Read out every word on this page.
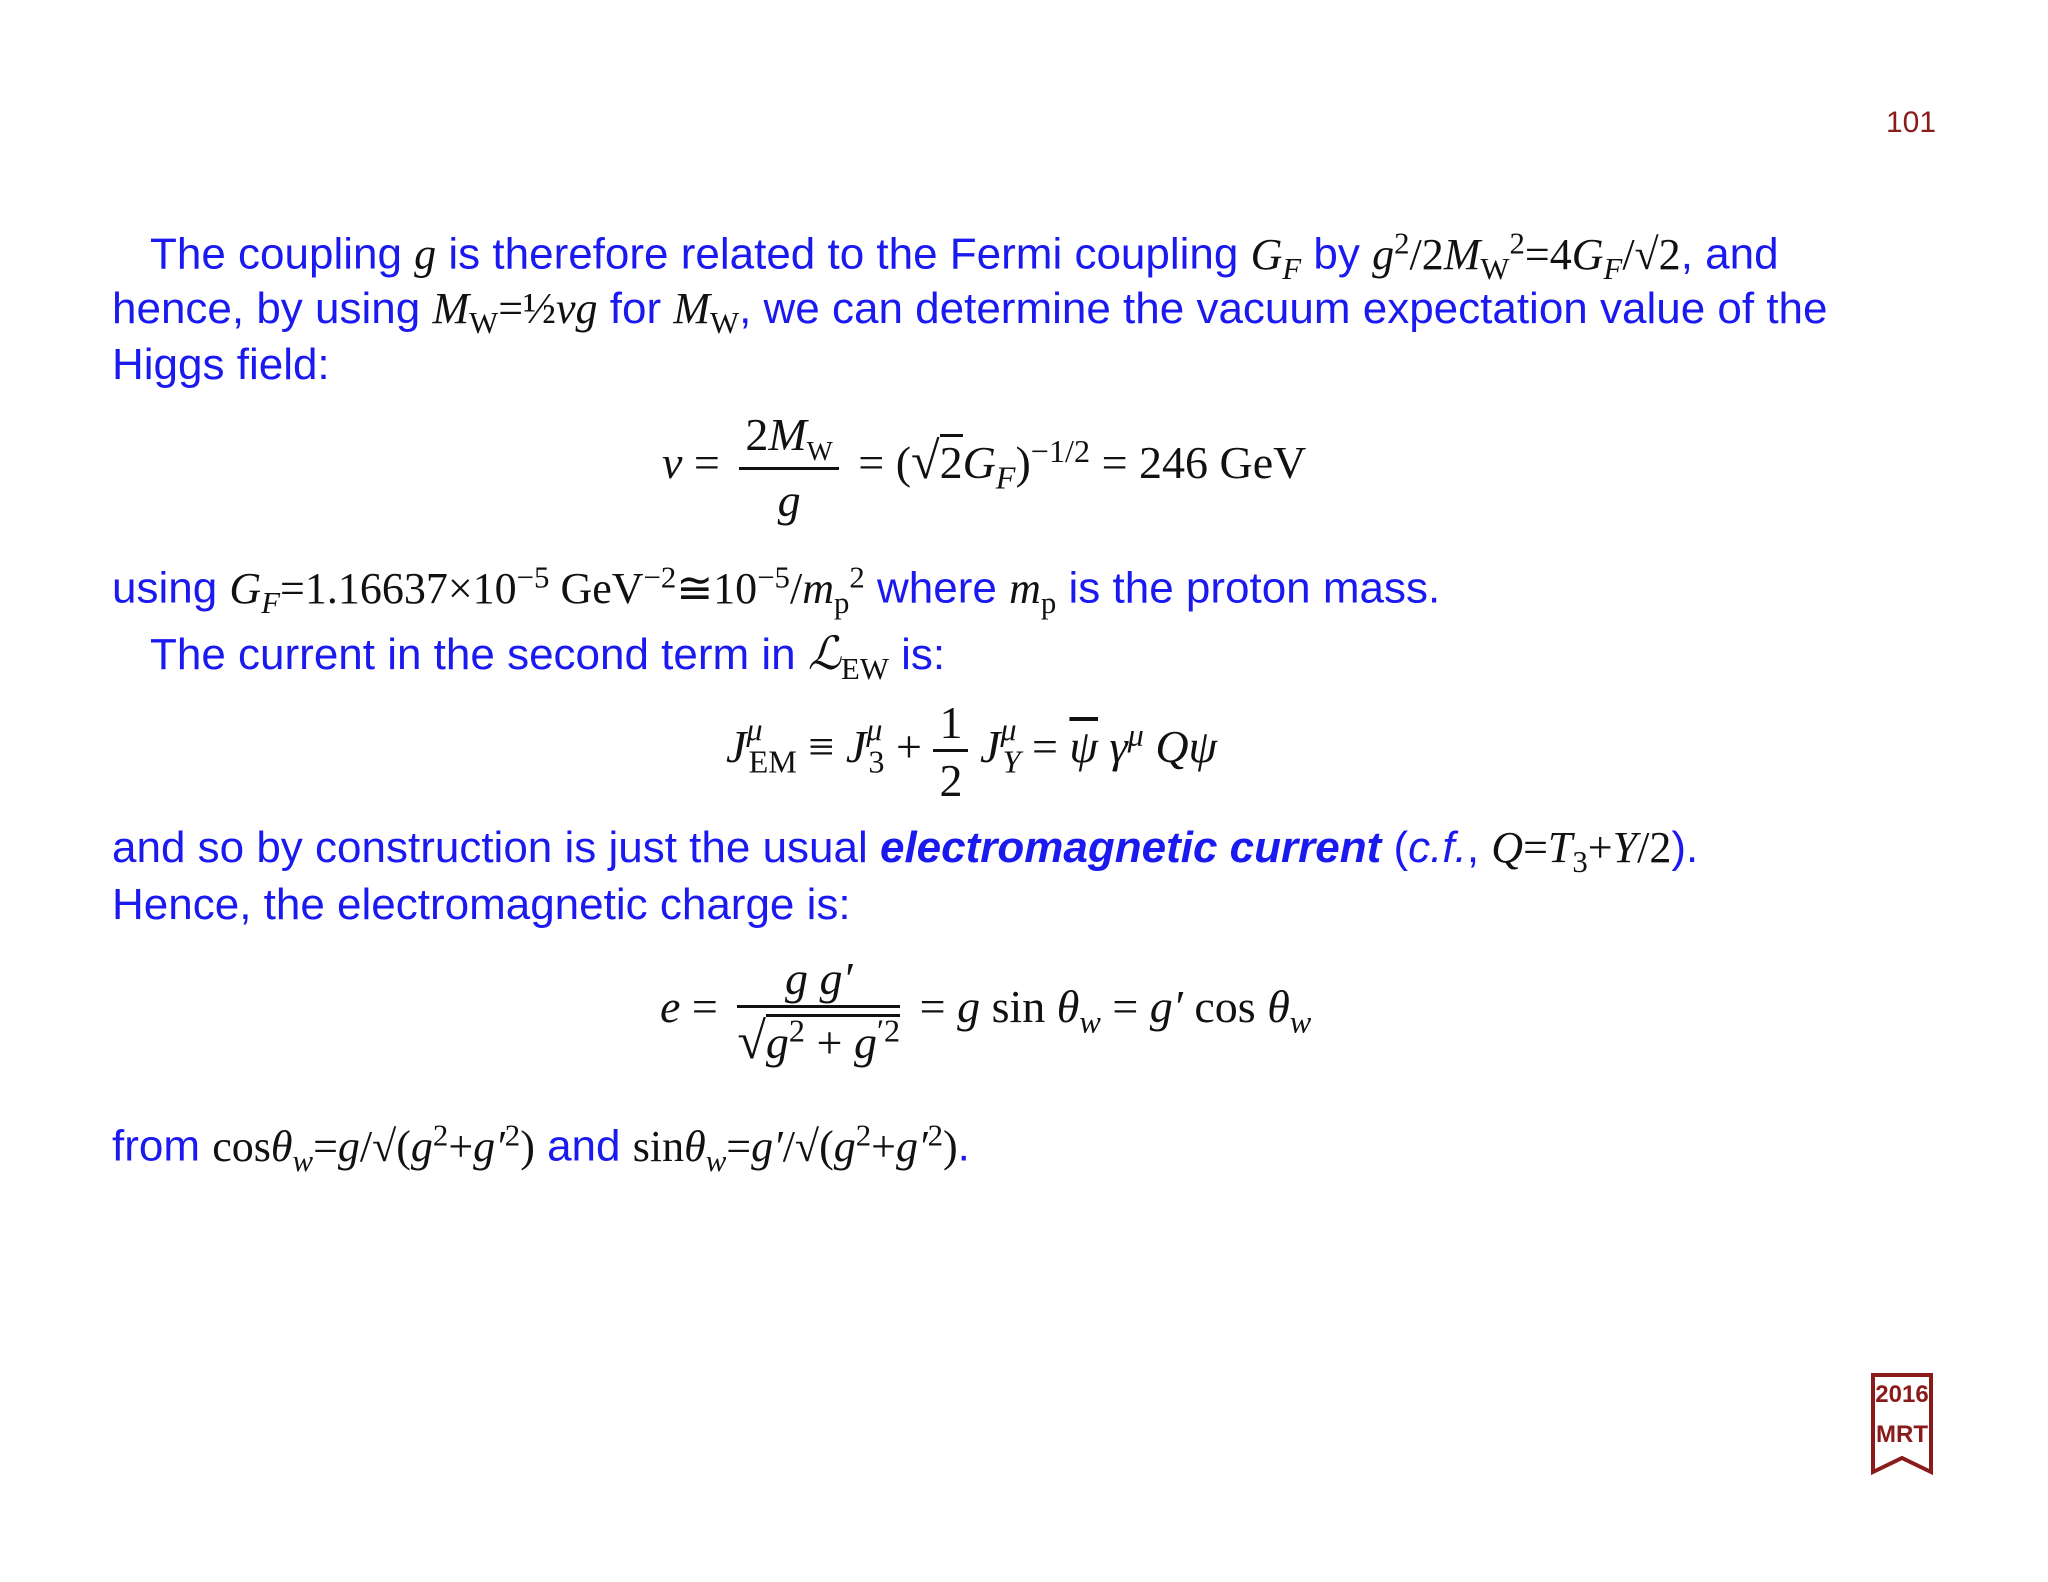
101
The coupling g is therefore related to the Fermi coupling $G_F$ by $g^2/2M_W^2=4G_F/√2$, and
hence, by using $M_W=\frac{1}{2}vg$ for $M_W$, we can determine the vacuum expectation value of the
Higgs field:
$v = \frac{2M_W}{g} = (√2G_F)^{-1/2} = 246$ GeV
using $G_F=1.16637\times 10^{-5}$ $GeV^{-2}≅10^{-5}/m_p^2$ where $m_p$ is the proton mass.
The current in the second term in ℒ$_{EW}$ is:
$J^\mu_{EM} \equiv J^\mu_3 + \frac{1}{2} J^\mu_Y = \overline{\psi}$ $\gamma^\mu$ Qψ
and so by construction is just the usual electromagnetic current (c.f., $Q=T_3+Y/2$).
Hence, the electromagnetic charge is:
$e = \frac{\text{g g′}}{√g^2 + g^{'2}} = g$ $\sin \theta_w = g'$ $\cos \theta_w$
from $\cos\theta_w=g/√(g^2+g'^2)$ and $\sin\theta_w=g'/√(g^2+g'^2)$.
2016
MRT
